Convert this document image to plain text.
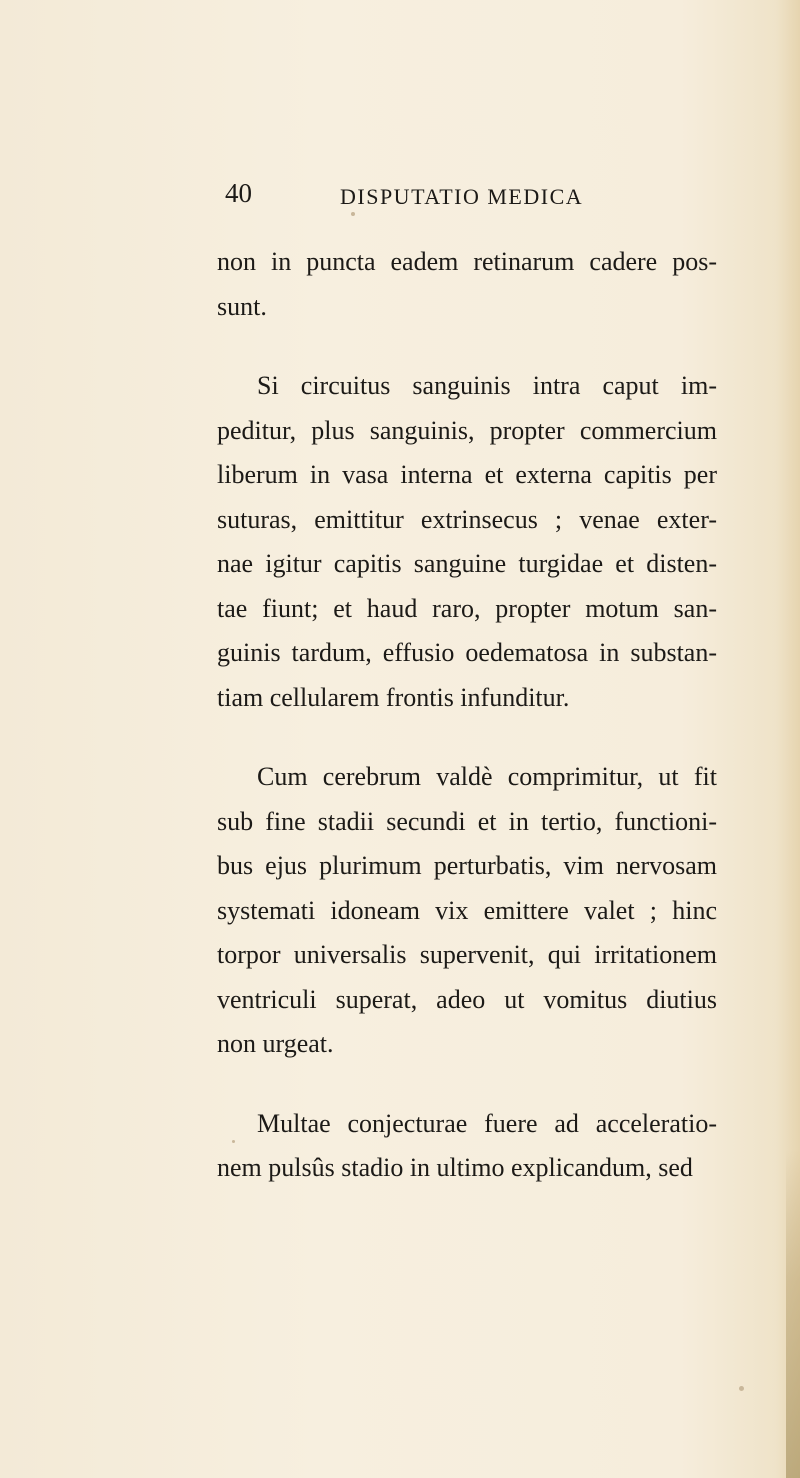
40	DISPUTATIO MEDICA

non in puncta eadem retinarum cadere pos-
sunt.

Si circuitus sanguinis intra caput im-
peditur, plus sanguinis, propter commercium
liberum in vasa interna et externa capitis per
suturas, emittitur extrinsecus ; venae exter-
nae igitur capitis sanguine turgidae et disten-
tae fiunt; et haud raro, propter motum san-
guinis tardum, effusio oedematosa in substan-
tiam cellularem frontis infunditur.

Cum cerebrum valdè comprimitur, ut fit
sub fine stadii secundi et in tertio, functioni-
bus ejus plurimum perturbatis, vim nervosam
systemati idoneam vix emittere valet ; hinc
torpor universalis supervenit, qui irritationem
ventriculi superat, adeo ut vomitus diutius
non urgeat.

Multae conjecturae fuere ad acceleratio-
nem pulsûs stadio in ultimo explicandum, sed
